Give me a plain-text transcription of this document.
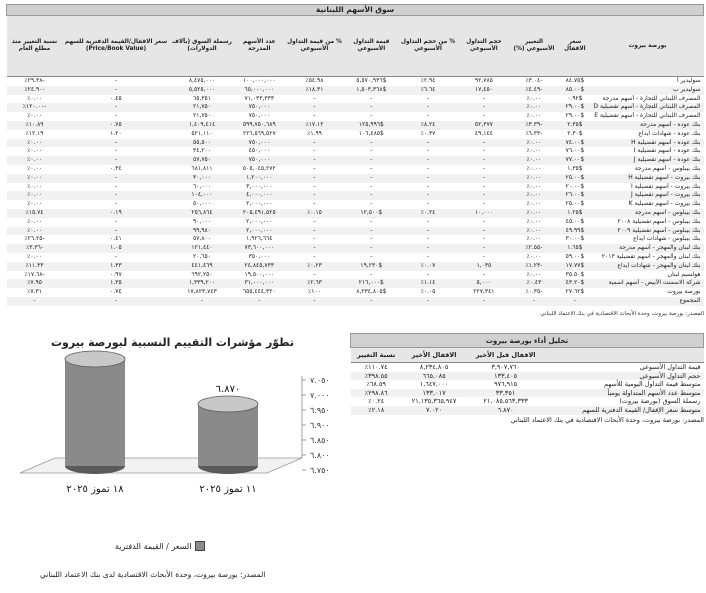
سوق الأسهم اللبنانية										
بورصة بيروت	سعر الاقفال	التغيير الأسبوعي (%)	حجم التداول الأسبوعي	% من حجم التداول الأسبوعي	قيمة التداول الأسبوعي	% من قيمة التداول الأسبوعي	عدد الأسهم المدرجة	رسملة السوق (بآلاف الدولارات)	سعر الاقفال/القيمة الدفترية للسهم (Price/Book Value)	نسبة التغيير منذ مطلع العام
سوليدير أ	$٨٤.٧٥	-٣.٠٤٪	٩٢,٧٨٥	٢.٩٤٪	$٥,٥٧٠,٩٣٦	٥٤.٩٨٪	١٠٠,٠٠٠,٠٠٠	٨,٤٧٥,٠٠٠	-	-٢٩.٣٨٪
سوليدير ب	$٨٥.٠٠	-٤.٤٩٪	١٧,٤٥٠	٦.٦٤٪	$١,٥٠٣,٣٦٨	١٨.٣١٪	٦٥,٠٠٠,٠٠٠	٥,٥٢٥,٠٠٠	-	-٢٤.٩٠٪
المصرف اللبناني للتجارة - أسهم مدرجة	$٠.٩٢	٠.٠٠٪	-	-	-	-	٧١,٠٣٣,٣٣٣	٦٥,٣٥١	٠.٤٥	٠.٠٠٪
المصرف اللبناني للتجارة - أسهم تفضيلية D	$٢٩.٠٠	٠.٠٠٪	-	-	-	-	٧٥٠,٠٠٠	٢١,٧٥٠	-	-١٢٠.٠٠٪
المصرف اللبناني للتجارة - أسهم تفضيلية E	$٢٩.٠٠	٠.٠٠٪	-	-	-	-	٧٥٠,٠٠٠	٢١,٧٥٠	-	٠.٠٠٪
بنك عوده - أسهم مدرجة	$٢.٣٥	-٣.٣٩٪	٥٢,٣٧٧	٨.٢٤٪	$١٢٥,٩٩٦	١٧.١٢٪	٥٩٩,٧٥٠,٦٨٩	١,٤٠٩,٤١٤	٠.٧٥	١٠.٨٩٪
بنك عوده - شهادات ايداع	$٢.٣٠	-٦.٣٣٪	٤٩,١٤٤	٠.٣٧٪	$١٠٦,٤٨٥	١.٩٩٪	٢٢٦,٥٦٩,٥٢٧	٥٢١,١١٠	١.٢٠	١٢.١٩٪
بنك عوده - أسهم تفضيلية H	$٧٤.٠٠	٠.٠٠٪	-	-	-	-	٧٥٠,٠٠٠	٥٥,٥٠٠	-	٠.٠٠٪
بنك عوده - أسهم تفضيلية I	$٧٦.٠٠	٠.٠٠٪	-	-	-	-	٤٥٠,٠٠٠	٣٤,٢٠٠	-	٠.٠٠٪
بنك عوده - أسهم تفضيلية J	$٧٧.٠٠	٠.٠٠٪	-	-	-	-	٧٥٠,٠٠٠	٥٧,٧٥٠	-	٠.٠٠٪
بنك بيبلوس - أسهم مدرجة	$١.٣٥	٠.٠٠٪	-	-	-	-	٥٠٥,٠٤٥,٢٧٢	٦٨١,٨١١	٠.٣٤	٠.٠٠٪
بنك بيروت - أسهم تفضيلية H	$٢٥.٠٠	٠.٠٠٪	-	-	-	-	١,٢٠٠,٠٠٠	٣٠,٠٠٠	-	٠.٠٠٪
بنك بيروت - أسهم تفضيلية I	$٢٠.٠٠	٠.٠٠٪	-	-	-	-	٣,٠٠٠,٠٠٠	٦٠,٠٠٠	-	٠.٠٠٪
بنك بيروت - أسهم تفضيلية J	$٢٦.٠٠	٠.٠٠٪	-	-	-	-	٤,٠٠٠,٠٠٠	١٠٤,٠٠٠	-	٠.٠٠٪
بنك بيروت - أسهم تفضيلية K	$٢٥.٠٠	٠.٠٠٪	-	-	-	-	٢,٠٠٠,٠٠٠	٥٠,٠٠٠	-	٠.٠٠٪
بنك بيبلوس - أسهم مدرجة	$١.٢٥	٠.٠٠٪	١٠,٠٠٠	٠.٢٤٪	$١٢,٥٠٠	٠.١٥٪	٢٠٥,٤٩١,٥٢٥	٢٥٦,٨٦٤	٠.١٩	١٥.٧٤٪
بنك بيبلوس - أسهم تفضيلية ٢٠٠٨	$٤٥.٠٠	٠.٠٠٪	-	-	-	-	٢,٠٠٠,٠٠٠	٩٠,٠٠٠	-	٠.٠٠٪
بنك بيبلوس - أسهم تفضيلية ٢٠٠٩	$٤٩.٩٩	٠.٠٠٪	-	-	-	-	٢,٠٠٠,٠٠٠	٩٩,٩٨٠	-	٠.٠٠٪
بنك بيبلوس - شهادات ايداع	$٣٠.٠٠	٠.٠٠٪	-	-	-	-	١,٩٢٦,٦٦٤	٥٧,٨٠٠	٠.٤١	-٢٦.٢٥٪
بنك لبنان والمهجر - أسهم مدرجة	$١.٦٥	-٢.٥٥٪	-	-	-	-	٧٣,٦٠٠,٠٠٠	١٢١,٤٤٠	١.٠٥	-٣.٣٦٪
بنك لبنان والمهجر - أسهم تفضيلية ٢٠١٣	$٥٩.٠٠	٠.٠٠٪	-	-	-	-	٣٥٠,٠٠٠	٢٠,٦٥٠	-	٠.٠٠٪
بنك لبنان والمهجر - شهادات ايداع	$١٧.٧٧	-١.٢٣٪	١,٠٣٥	٠.٠٧٪	$١٩,٢٣٠	٠.٢٣٪	٢٤,٨٤٥,٧٣٣	٤٤١,٤٦٩	١.٣٣	١١.٣٣٪
هولسيم لبنان	$٣٥.٥٠	٠.٠٠٪	-	-	-	-	١٩,٥٠٠,٠٠٠	٦٩٢,٢٥٠	٠.٩٧	-١٧.٦٨٪
شركة الاسمنت الأبيض - أسهم اسمية	$٤٣.٢٠	٠.٤٣٪	٥,٠٠٠	١.١٤٪	$٢١٦,٠٠٠	٢.٦٣٪	٣١,٠٠٠,٠٠٠	١,٣٣٩,٢٠٠	١.٣٥	٧.٩٥٪
بورصة بيروت	$٢٧.٦٢	-٠.٣٥٪	٢٢٧,٣٤١	٠.٠٥٪	$٨,٢٣٤,٨٠٥	١٠٠٪	٦٥٥,٤٤٤,٣٢٠	١٧,٨٢٣,٧٤٣	٠.٧٤	٧.٣١٪
المجموع	-	-	-	-	-	-	-	-	-	-
المصدر: بورصة بيروت، وحدة الأبحاث الاقتصادية في بنك الاعتماد اللبناني
تطوّر مؤشرات التقييم النسبية لبورصة بيروت
٦.٧٥٠
٦.٨٠٠
٦.٨٥٠
٦.٩٠٠
٦.٩٥٠
٧.٠٠٠
٧.٠٥٠
١٨ تموز ٢٠٢٥
٦.٨٧٠
١١ تموز ٢٠٢٥
السعر / القيمة الدفترية
المصدر: بورصة بيروت، وحدة الأبحاث الاقتصادية لدى بنك الاعتماد اللبناني
تحليل أداء بورصة بيروت			
	الاقفال قبل الأخير	الاقفال الأخير	نسبة التغيير
قيمة التداول الأسبوعي	٣,٩٠٧,٧٦٠	٨,٢٣٤,٨٠٥	١١٠.٧٤٪
حجم التداول الأسبوعي	١٣٣,٤٠٥	٦٦٥,٠٨٥	٣٩٨.٥٥٪
متوسط قيمة التداول اليومية للأسهم	٩٧٦,٩١٥	١,٦٤٧,٠٠٠	٦٨.٥٩٪
متوسط عدد الأسهم المتداولة يومياً	٣٣,٣٥١	١٣٣,٠١٧	٢٩٨.٨٦٪
رسملة السوق (بورصة بيروت)	٢١,٠٨٥,٥٦٣,٣٣٣	٢١,١٣٥,٣٦٥,٩٤٧	٠.٢٤٪
متوسط سعر الإقفال/ القيمة الدفترية للسهم	٦.٨٧٠	٧.٠٢٠	٢.١٨٪
المصدر: بورصة بيروت، وحدة الأبحاث الاقتصادية في بنك الاعتماد اللبناني
